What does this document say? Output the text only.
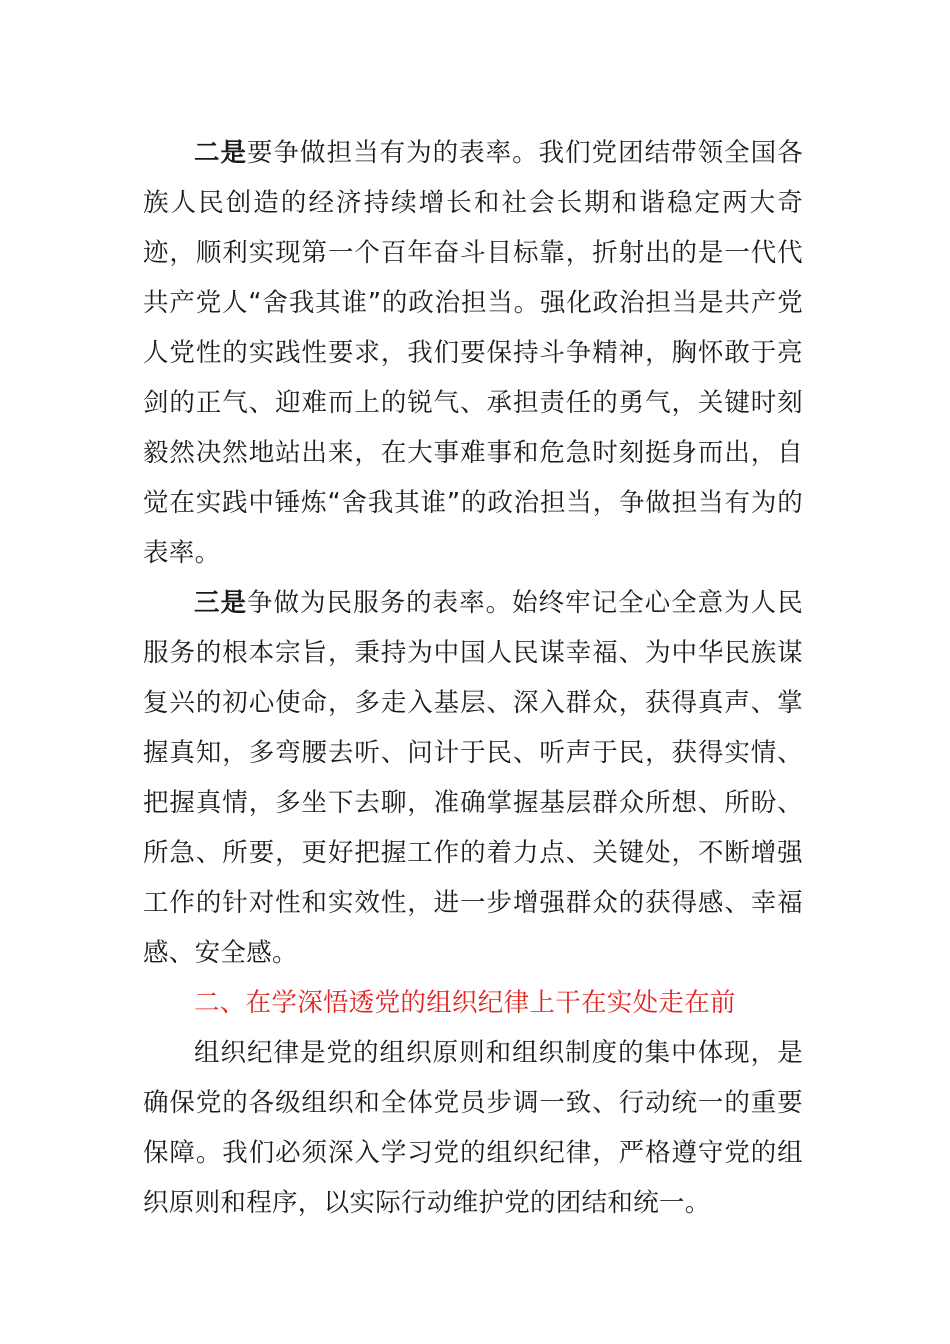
二是要争做担当有为的表率。我们党团结带领全国各族人民创造的经济持续增长和社会长期和谐稳定两大奇迹，顺利实现第一个百年奋斗目标靠，折射出的是一代代共产党人“舍我其谁”的政治担当。强化政治担当是共产党人党性的实践性要求，我们要保持斗争精神，胸怀敢于亮剑的正气、迎难而上的锐气、承担责任的勇气，关键时刻毅然决然地站出来，在大事难事和危急时刻挺身而出，自觉在实践中锤炼“舍我其谁”的政治担当，争做担当有为的表率。

三是争做为民服务的表率。始终牢记全心全意为人民服务的根本宗旨，秉持为中国人民谋幸福、为中华民族谋复兴的初心使命，多走入基层、深入群众，获得真声、掌握真知，多弯腰去听、问计于民、听声于民，获得实情、把握真情，多坐下去聊，准确掌握基层群众所想、所盼、所急、所要，更好把握工作的着力点、关键处，不断增强工作的针对性和实效性，进一步增强群众的获得感、幸福感、安全感。

二、在学深悟透党的组织纪律上干在实处走在前

组织纪律是党的组织原则和组织制度的集中体现，是确保党的各级组织和全体党员步调一致、行动统一的重要保障。我们必须深入学习党的组织纪律，严格遵守党的组织原则和程序，以实际行动维护党的团结和统一。
